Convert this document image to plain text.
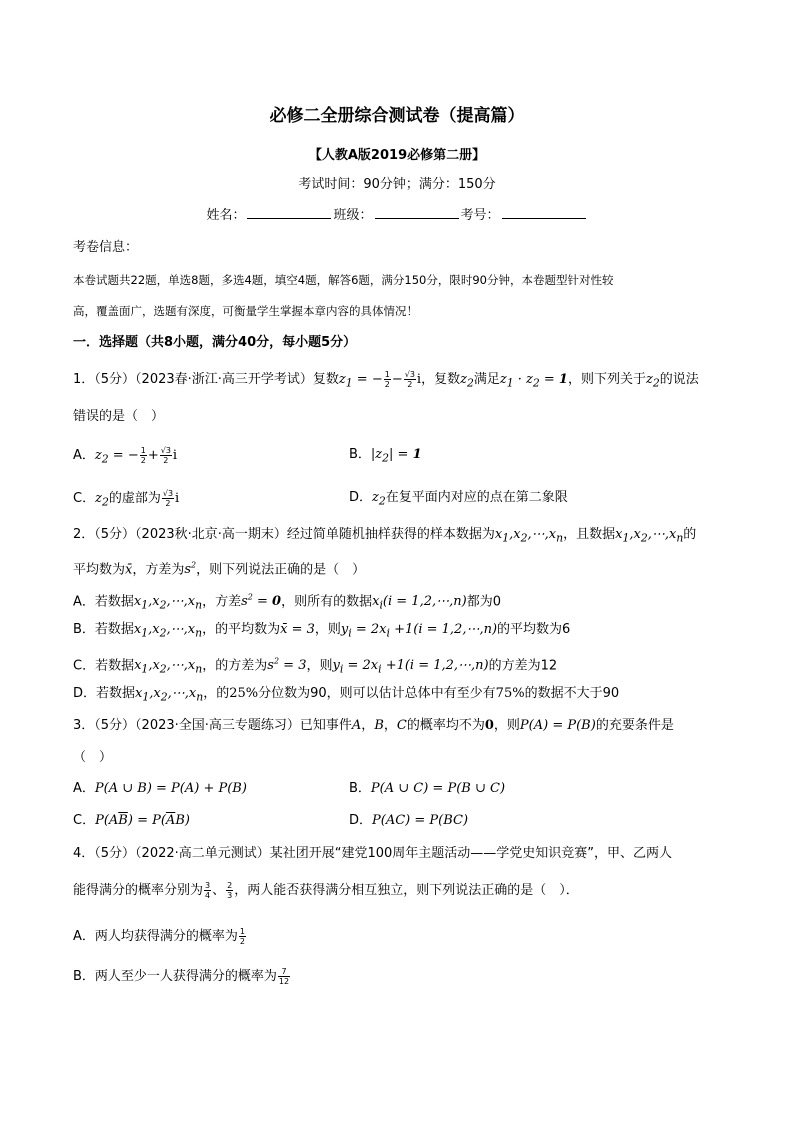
必修二全册综合测试卷（提高篇）
【人教A版2019必修第二册】
考试时间：90分钟；满分：150分
姓名：	班级：	考号：
考卷信息：
本卷试题共22题，单选8题，多选4题，填空4题，解答6题，满分150分，限时90分钟，本卷题型针对性较
高，覆盖面广，选题有深度，可衡量学生掌握本章内容的具体情况！
一．选择题（共8小题，满分40分，每小题5分）
1．（5分）（2023春·浙江·高三开学考试）复数$z_1$ = − $\frac{1}{2} - \frac{√3}{2}$ i，复数$z_2$满足$z_1 \cdot z_2 = 1$，则下列关于$z_2$的说法
错误的是（　）
A．$z_2$ = − $\frac{1}{2} + \frac{√3}{2}$ i	B．$|z_2| = 1$
C．$z_2$的虚部为 $\frac{√3}{2}$ i	D．$z_2$在复平面内对应的点在第二象限
2．（5分）（2023秋·北京·高一期末）经过简单随机抽样获得的样本数据为$x_1,x_2,\cdots,x_n$，且数据$x_1,x_2,\cdots,x_n$的
平均数为x̄，方差为$s^2$，则下列说法正确的是（　）
A．若数据$x_1,x_2,\cdots,x_n$，方差$s^2 = 0$，则所有的数据$x_i(i$ = 1,2,⋯,n)都为0
B．若数据$x_1,x_2,\cdots,x_n$，的平均数为x̄ = 3，则$y_i = 2x_i +1(i$ = 1,2,⋯,n)的平均数为6
C．若数据$x_1,x_2,\cdots,x_n$，的方差为$s^2 = 3$，则$y_i = 2x_i +1(i$ = 1,2,⋯,n)的方差为12
D．若数据$x_1,x_2,\cdots,x_n$，的25%分位数为90，则可以估计总体中有至少有75%的数据不大于90
3．（5分）（2023·全国·高三专题练习）已知事件A，B，C的概率均不为0，则P(A) = P(B)的充要条件是
（　）
A．P(A ∪ B) = P(A) + P(B)	B．P(A ∪ C) = P(B ∪ C)
C．$P(A\overline{B}) = P(\overline{A}B)$	D．P(AC) = P(BC)
4．（5分）（2022·高二单元测试）某社团开展“建党100周年主题活动——学党史知识竞赛”，甲、乙两人
能得满分的概率分别为 $\frac{3}{4}$ 、 $\frac{2}{3}$ ，两人能否获得满分相互独立，则下列说法正确的是（　）．
A．两人均获得满分的概率为 $\frac{1}{2}$
B．两人至少一人获得满分的概率为 $\frac{7}{12}$
